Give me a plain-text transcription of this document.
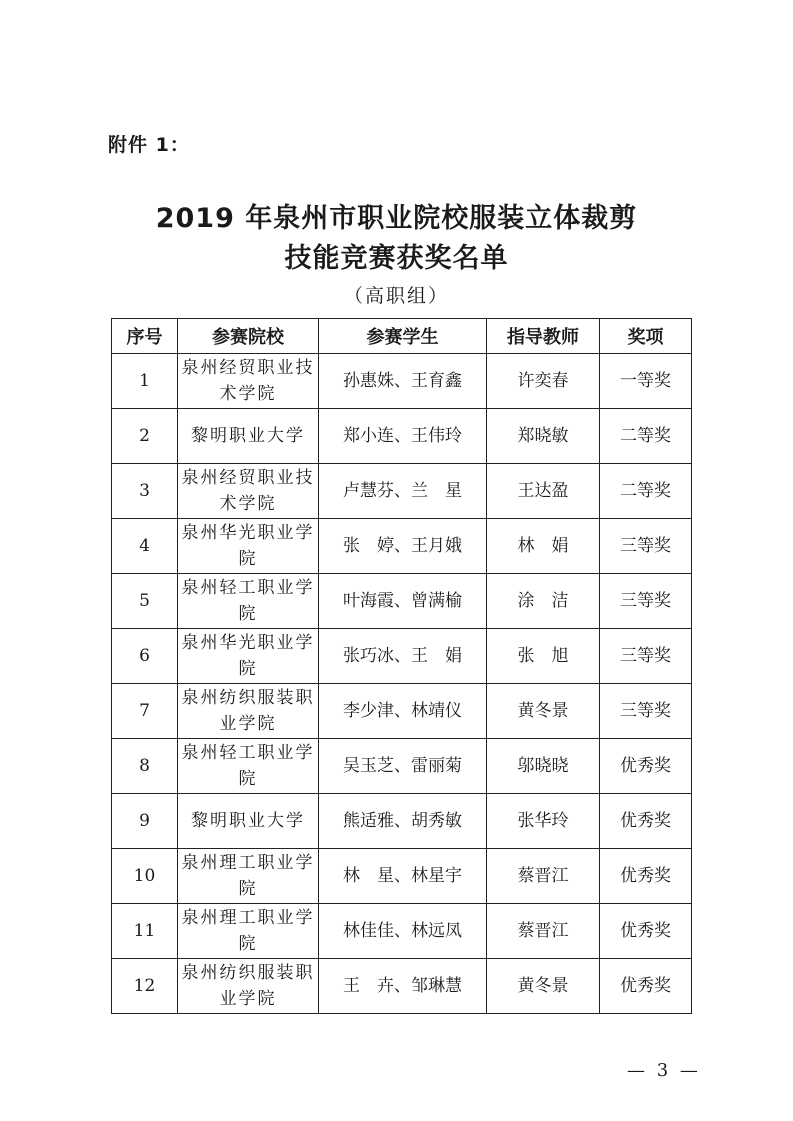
附件 1：
2019 年泉州市职业院校服装立体裁剪
技能竞赛获奖名单
（高职组）
序号	参赛院校	参赛学生	指导教师	奖项
1	泉州经贸职业技术学院	孙惠姝、王育鑫	许奕春	一等奖
2	黎明职业大学	郑小连、王伟玲	郑晓敏	二等奖
3	泉州经贸职业技术学院	卢慧芬、兰　星	王达盈	二等奖
4	泉州华光职业学院	张　婷、王月娥	林　娟	三等奖
5	泉州轻工职业学院	叶海霞、曾满榆	涂　洁	三等奖
6	泉州华光职业学院	张巧冰、王　娟	张　旭	三等奖
7	泉州纺织服装职业学院	李少津、林靖仪	黄冬景	三等奖
8	泉州轻工职业学院	吴玉芝、雷丽菊	邬晓晓	优秀奖
9	黎明职业大学	熊适雅、胡秀敏	张华玲	优秀奖
10	泉州理工职业学院	林　星、林星宇	蔡晋江	优秀奖
11	泉州理工职业学院	林佳佳、林远凤	蔡晋江	优秀奖
12	泉州纺织服装职业学院	王　卉、邹琳慧	黄冬景	优秀奖
— 3 —
